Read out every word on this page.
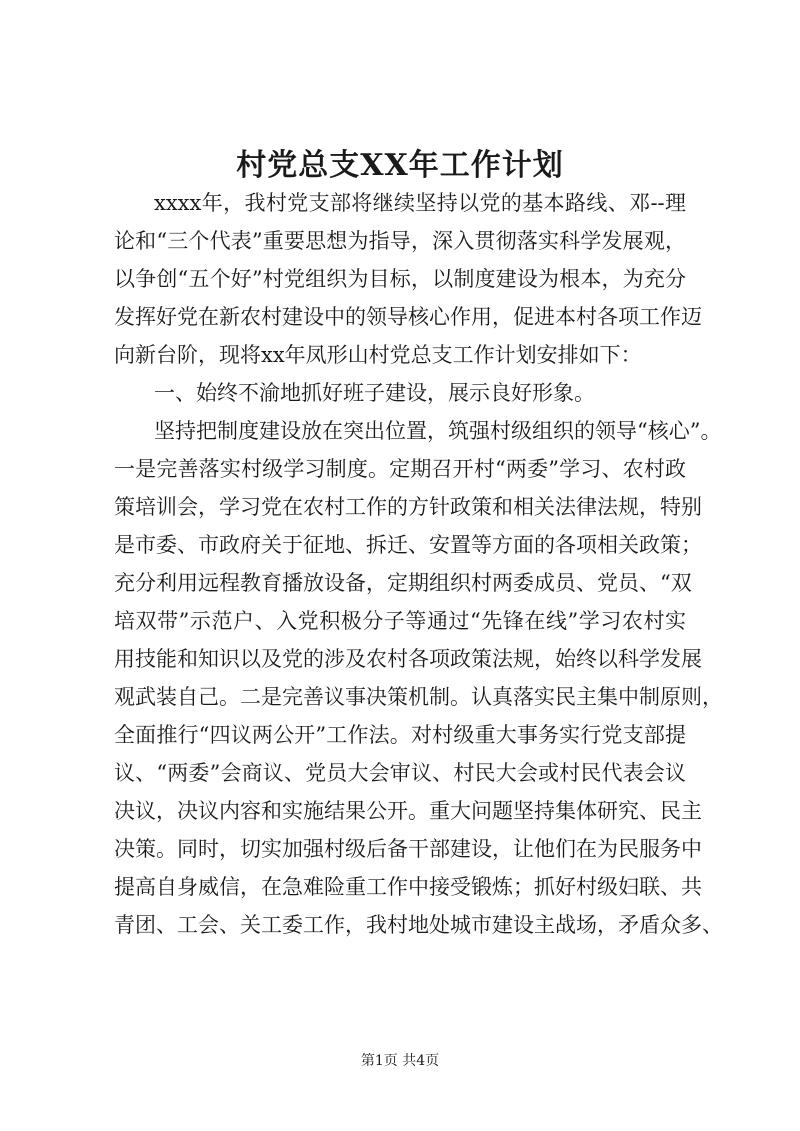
村党总支XX年工作计划
xxxx年，我村党支部将继续坚持以党的基本路线、邓--理
论和“三个代表”重要思想为指导，深入贯彻落实科学发展观，
以争创“五个好”村党组织为目标，以制度建设为根本，为充分
发挥好党在新农村建设中的领导核心作用，促进本村各项工作迈
向新台阶，现将xx年凤形山村党总支工作计划安排如下：
一、始终不渝地抓好班子建设，展示良好形象。
坚持把制度建设放在突出位置，筑强村级组织的领导“核心”。
一是完善落实村级学习制度。定期召开村“两委”学习、农村政
策培训会，学习党在农村工作的方针政策和相关法律法规，特别
是市委、市政府关于征地、拆迁、安置等方面的各项相关政策；
充分利用远程教育播放设备，定期组织村两委成员、党员、“双
培双带”示范户、入党积极分子等通过“先锋在线”学习农村实
用技能和知识以及党的涉及农村各项政策法规，始终以科学发展
观武装自己。二是完善议事决策机制。认真落实民主集中制原则，
全面推行“四议两公开”工作法。对村级重大事务实行党支部提
议、“两委”会商议、党员大会审议、村民大会或村民代表会议
决议，决议内容和实施结果公开。重大问题坚持集体研究、民主
决策。同时，切实加强村级后备干部建设，让他们在为民服务中
提高自身威信，在急难险重工作中接受锻炼；抓好村级妇联、共
青团、工会、关工委工作，我村地处城市建设主战场，矛盾众多、
第1页 共4页
